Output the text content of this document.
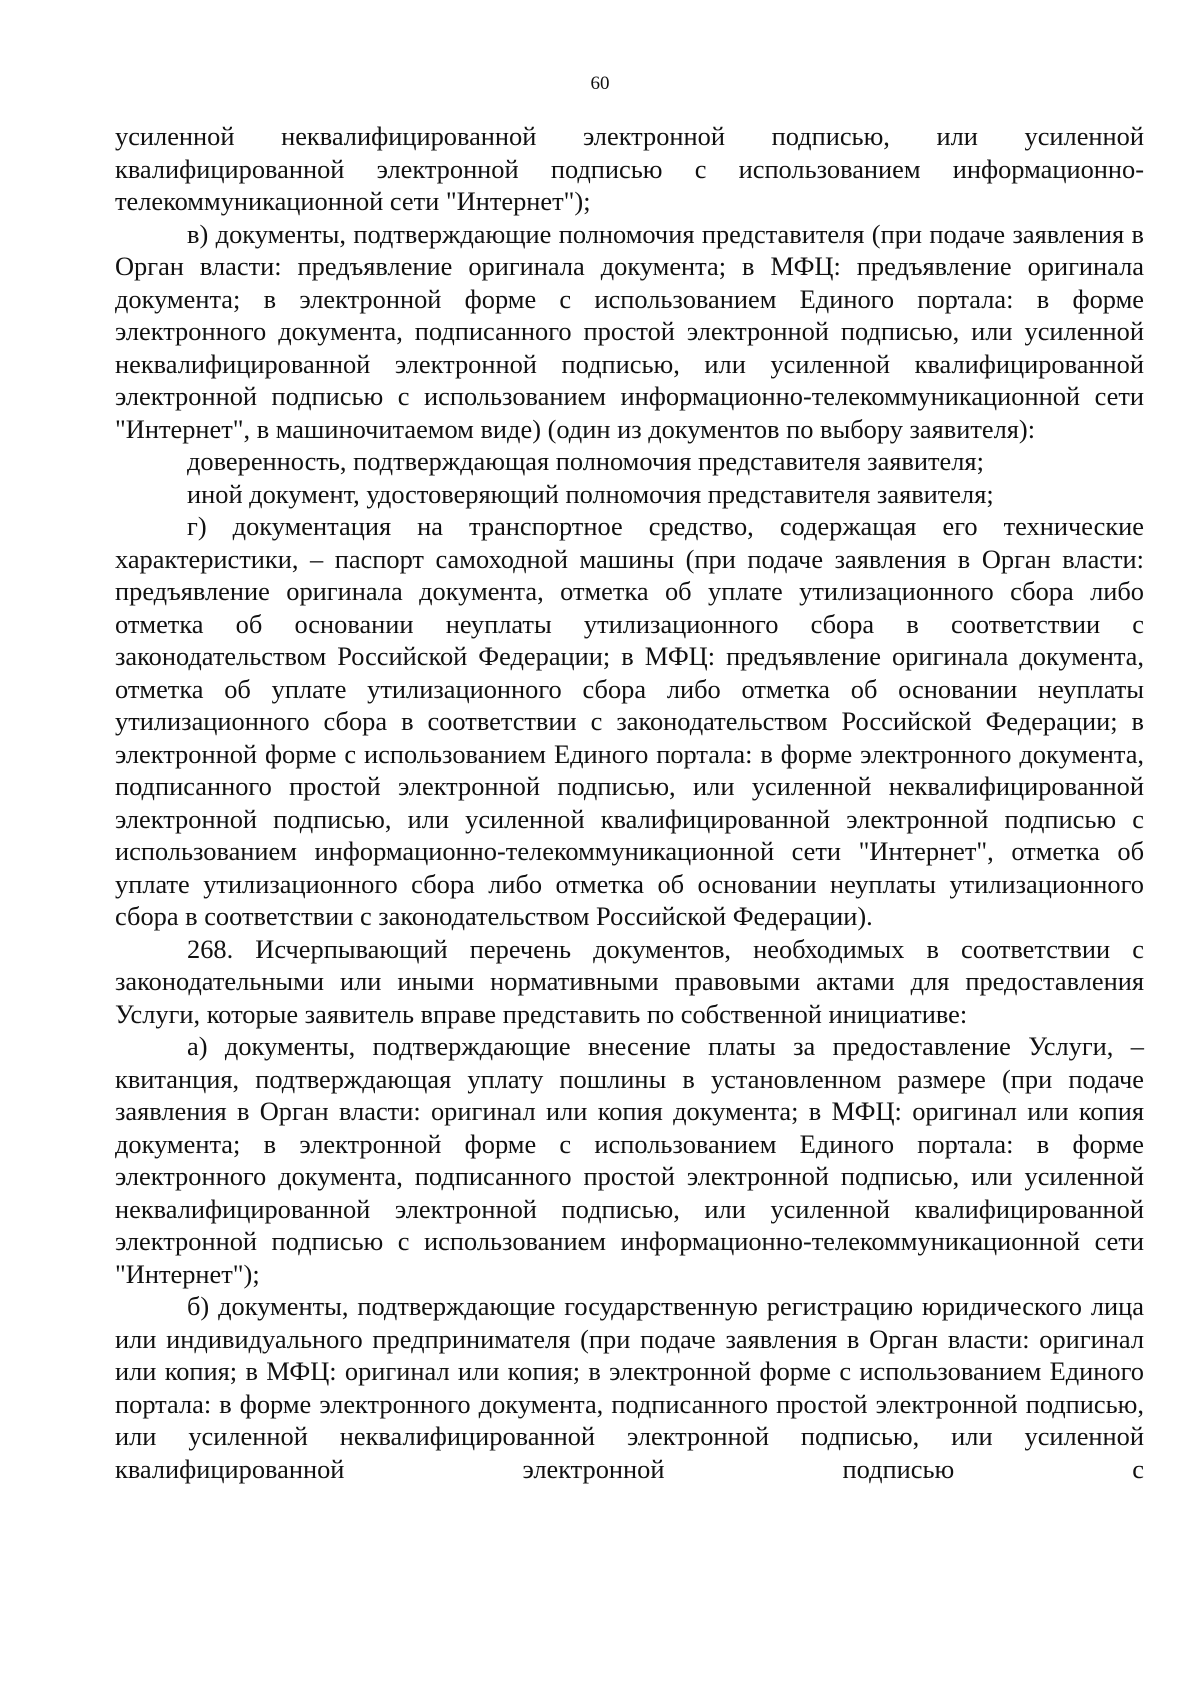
60

усиленной неквалифицированной электронной подписью, или усиленной квалифицированной электронной подписью с использованием информационно-телекоммуникационной сети "Интернет");

в) документы, подтверждающие полномочия представителя (при подаче заявления в Орган власти: предъявление оригинала документа; в МФЦ: предъявление оригинала документа; в электронной форме с использованием Единого портала: в форме электронного документа, подписанного простой электронной подписью, или усиленной неквалифицированной электронной подписью, или усиленной квалифицированной электронной подписью с использованием информационно-телекоммуникационной сети "Интернет", в машиночитаемом виде) (один из документов по выбору заявителя):

доверенность, подтверждающая полномочия представителя заявителя;

иной документ, удостоверяющий полномочия представителя заявителя;

г) документация на транспортное средство, содержащая его технические характеристики, – паспорт самоходной машины (при подаче заявления в Орган власти: предъявление оригинала документа, отметка об уплате утилизационного сбора либо отметка об основании неуплаты утилизационного сбора в соответствии с законодательством Российской Федерации; в МФЦ: предъявление оригинала документа, отметка об уплате утилизационного сбора либо отметка об основании неуплаты утилизационного сбора в соответствии с законодательством Российской Федерации; в электронной форме с использованием Единого портала: в форме электронного документа, подписанного простой электронной подписью, или усиленной неквалифицированной электронной подписью, или усиленной квалифицированной электронной подписью с использованием информационно-телекоммуникационной сети "Интернет", отметка об уплате утилизационного сбора либо отметка об основании неуплаты утилизационного сбора в соответствии с законодательством Российской Федерации).

268. Исчерпывающий перечень документов, необходимых в соответствии с законодательными или иными нормативными правовыми актами для предоставления Услуги, которые заявитель вправе представить по собственной инициативе:

а) документы, подтверждающие внесение платы за предоставление Услуги, – квитанция, подтверждающая уплату пошлины в установленном размере (при подаче заявления в Орган власти: оригинал или копия документа; в МФЦ: оригинал или копия документа; в электронной форме с использованием Единого портала: в форме электронного документа, подписанного простой электронной подписью, или усиленной неквалифицированной электронной подписью, или усиленной квалифицированной электронной подписью с использованием информационно-телекоммуникационной сети "Интернет");

б) документы, подтверждающие государственную регистрацию юридического лица или индивидуального предпринимателя (при подаче заявления в Орган власти: оригинал или копия; в МФЦ: оригинал или копия; в электронной форме с использованием Единого портала: в форме электронного документа, подписанного простой электронной подписью, или усиленной неквалифицированной электронной подписью, или усиленной квалифицированной электронной подписью с
